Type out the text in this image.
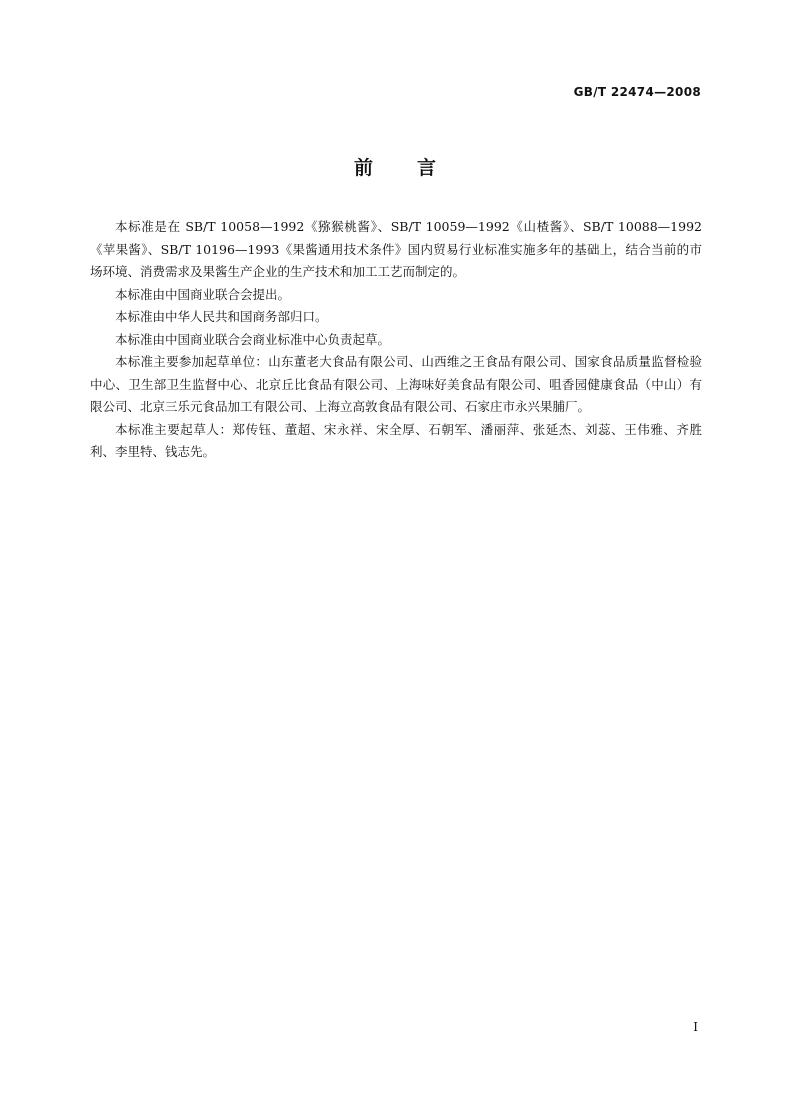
GB/T 22474—2008
前 言

本标准是在 SB/T 10058—1992《猕猴桃酱》、SB/T 10059—1992《山楂酱》、SB/T 10088—1992《苹果酱》、SB/T 10196—1993《果酱通用技术条件》国内贸易行业标准实施多年的基础上，结合当前的市场环境、消费需求及果酱生产企业的生产技术和加工工艺而制定的。

本标准由中国商业联合会提出。

本标准由中华人民共和国商务部归口。

本标准由中国商业联合会商业标准中心负责起草。

本标准主要参加起草单位：山东董老大食品有限公司、山西维之王食品有限公司、国家食品质量监督检验中心、卫生部卫生监督中心、北京丘比食品有限公司、上海味好美食品有限公司、咀香园健康食品（中山）有限公司、北京三乐元食品加工有限公司、上海立高敦食品有限公司、石家庄市永兴果脯厂。

本标准主要起草人：郑传钰、董超、宋永祥、宋全厚、石朝军、潘丽萍、张延杰、刘蕊、王伟雅、齐胜利、李里特、钱志先。

I
